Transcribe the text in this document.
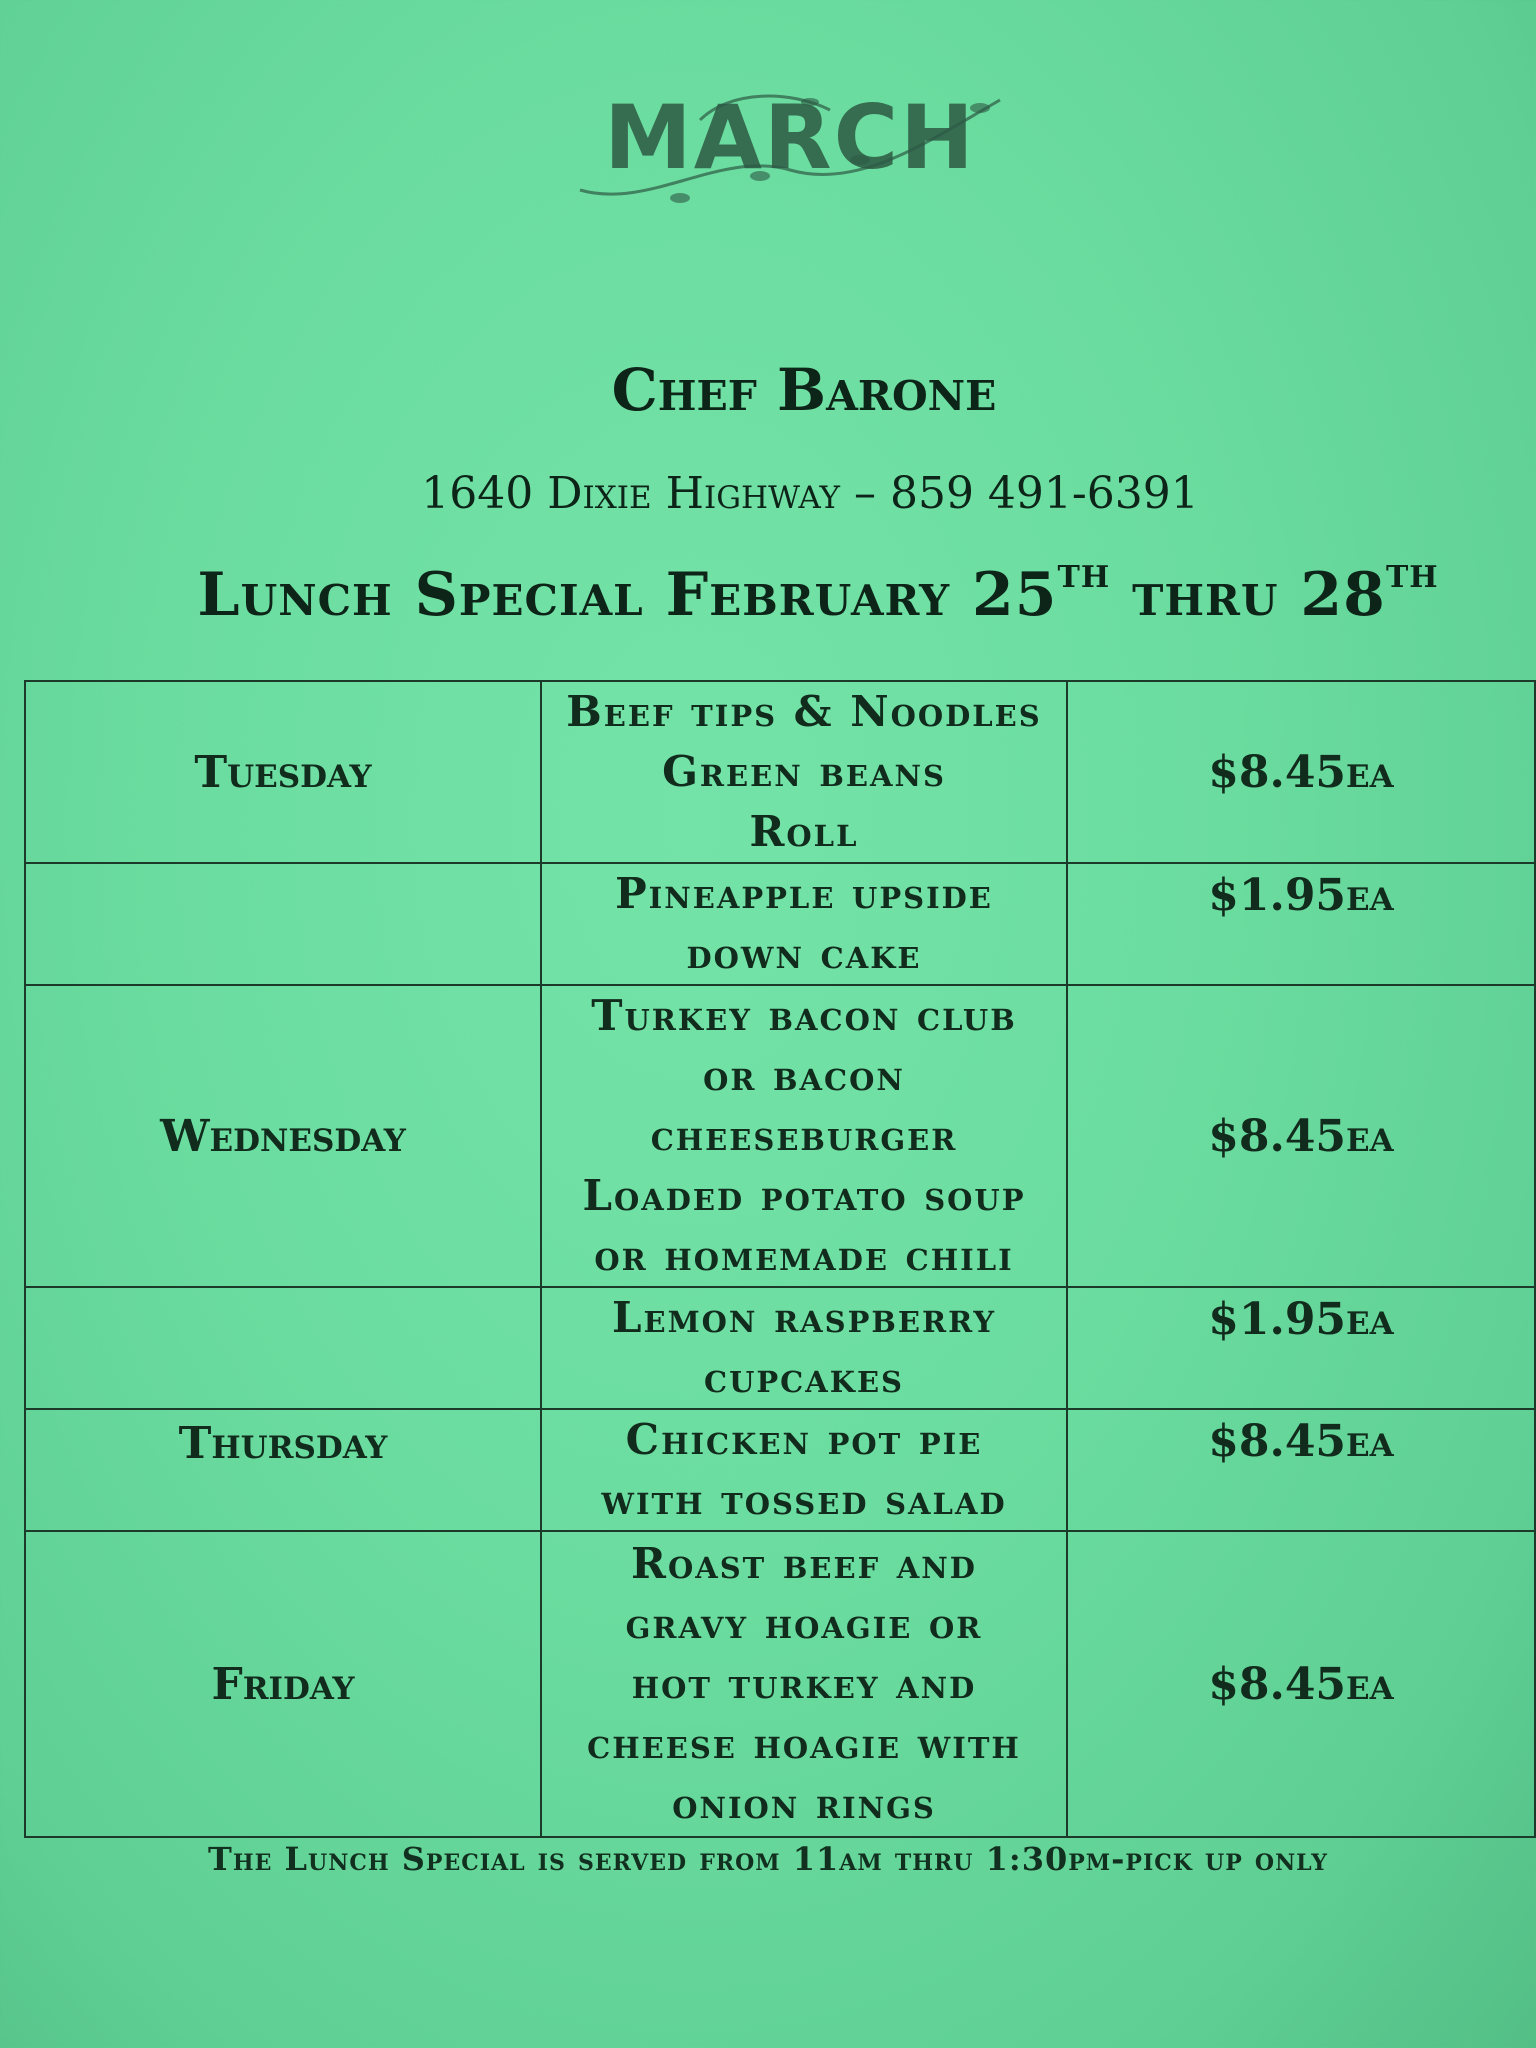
MARCH
Chef Barone
1640 Dixie Highway – 859 491-6391
Lunch Special February 25TH thru 28TH
Tuesday	Beef tips & Noodles
Green beans
Roll	$8.45ea

	Pineapple upside
down cake	$1.95ea
Wednesday	Turkey bacon club
or bacon
cheeseburger
Loaded potato soup
or homemade chili	$8.45ea

	Lemon raspberry
cupcakes	$1.95ea
Thursday	Chicken pot pie
with tossed salad	$8.45ea
Friday	Roast beef and
gravy hoagie or
hot turkey and
cheese hoagie with
onion rings	$8.45ea
The Lunch Special is served from 11am thru 1:30pm-pick up only
